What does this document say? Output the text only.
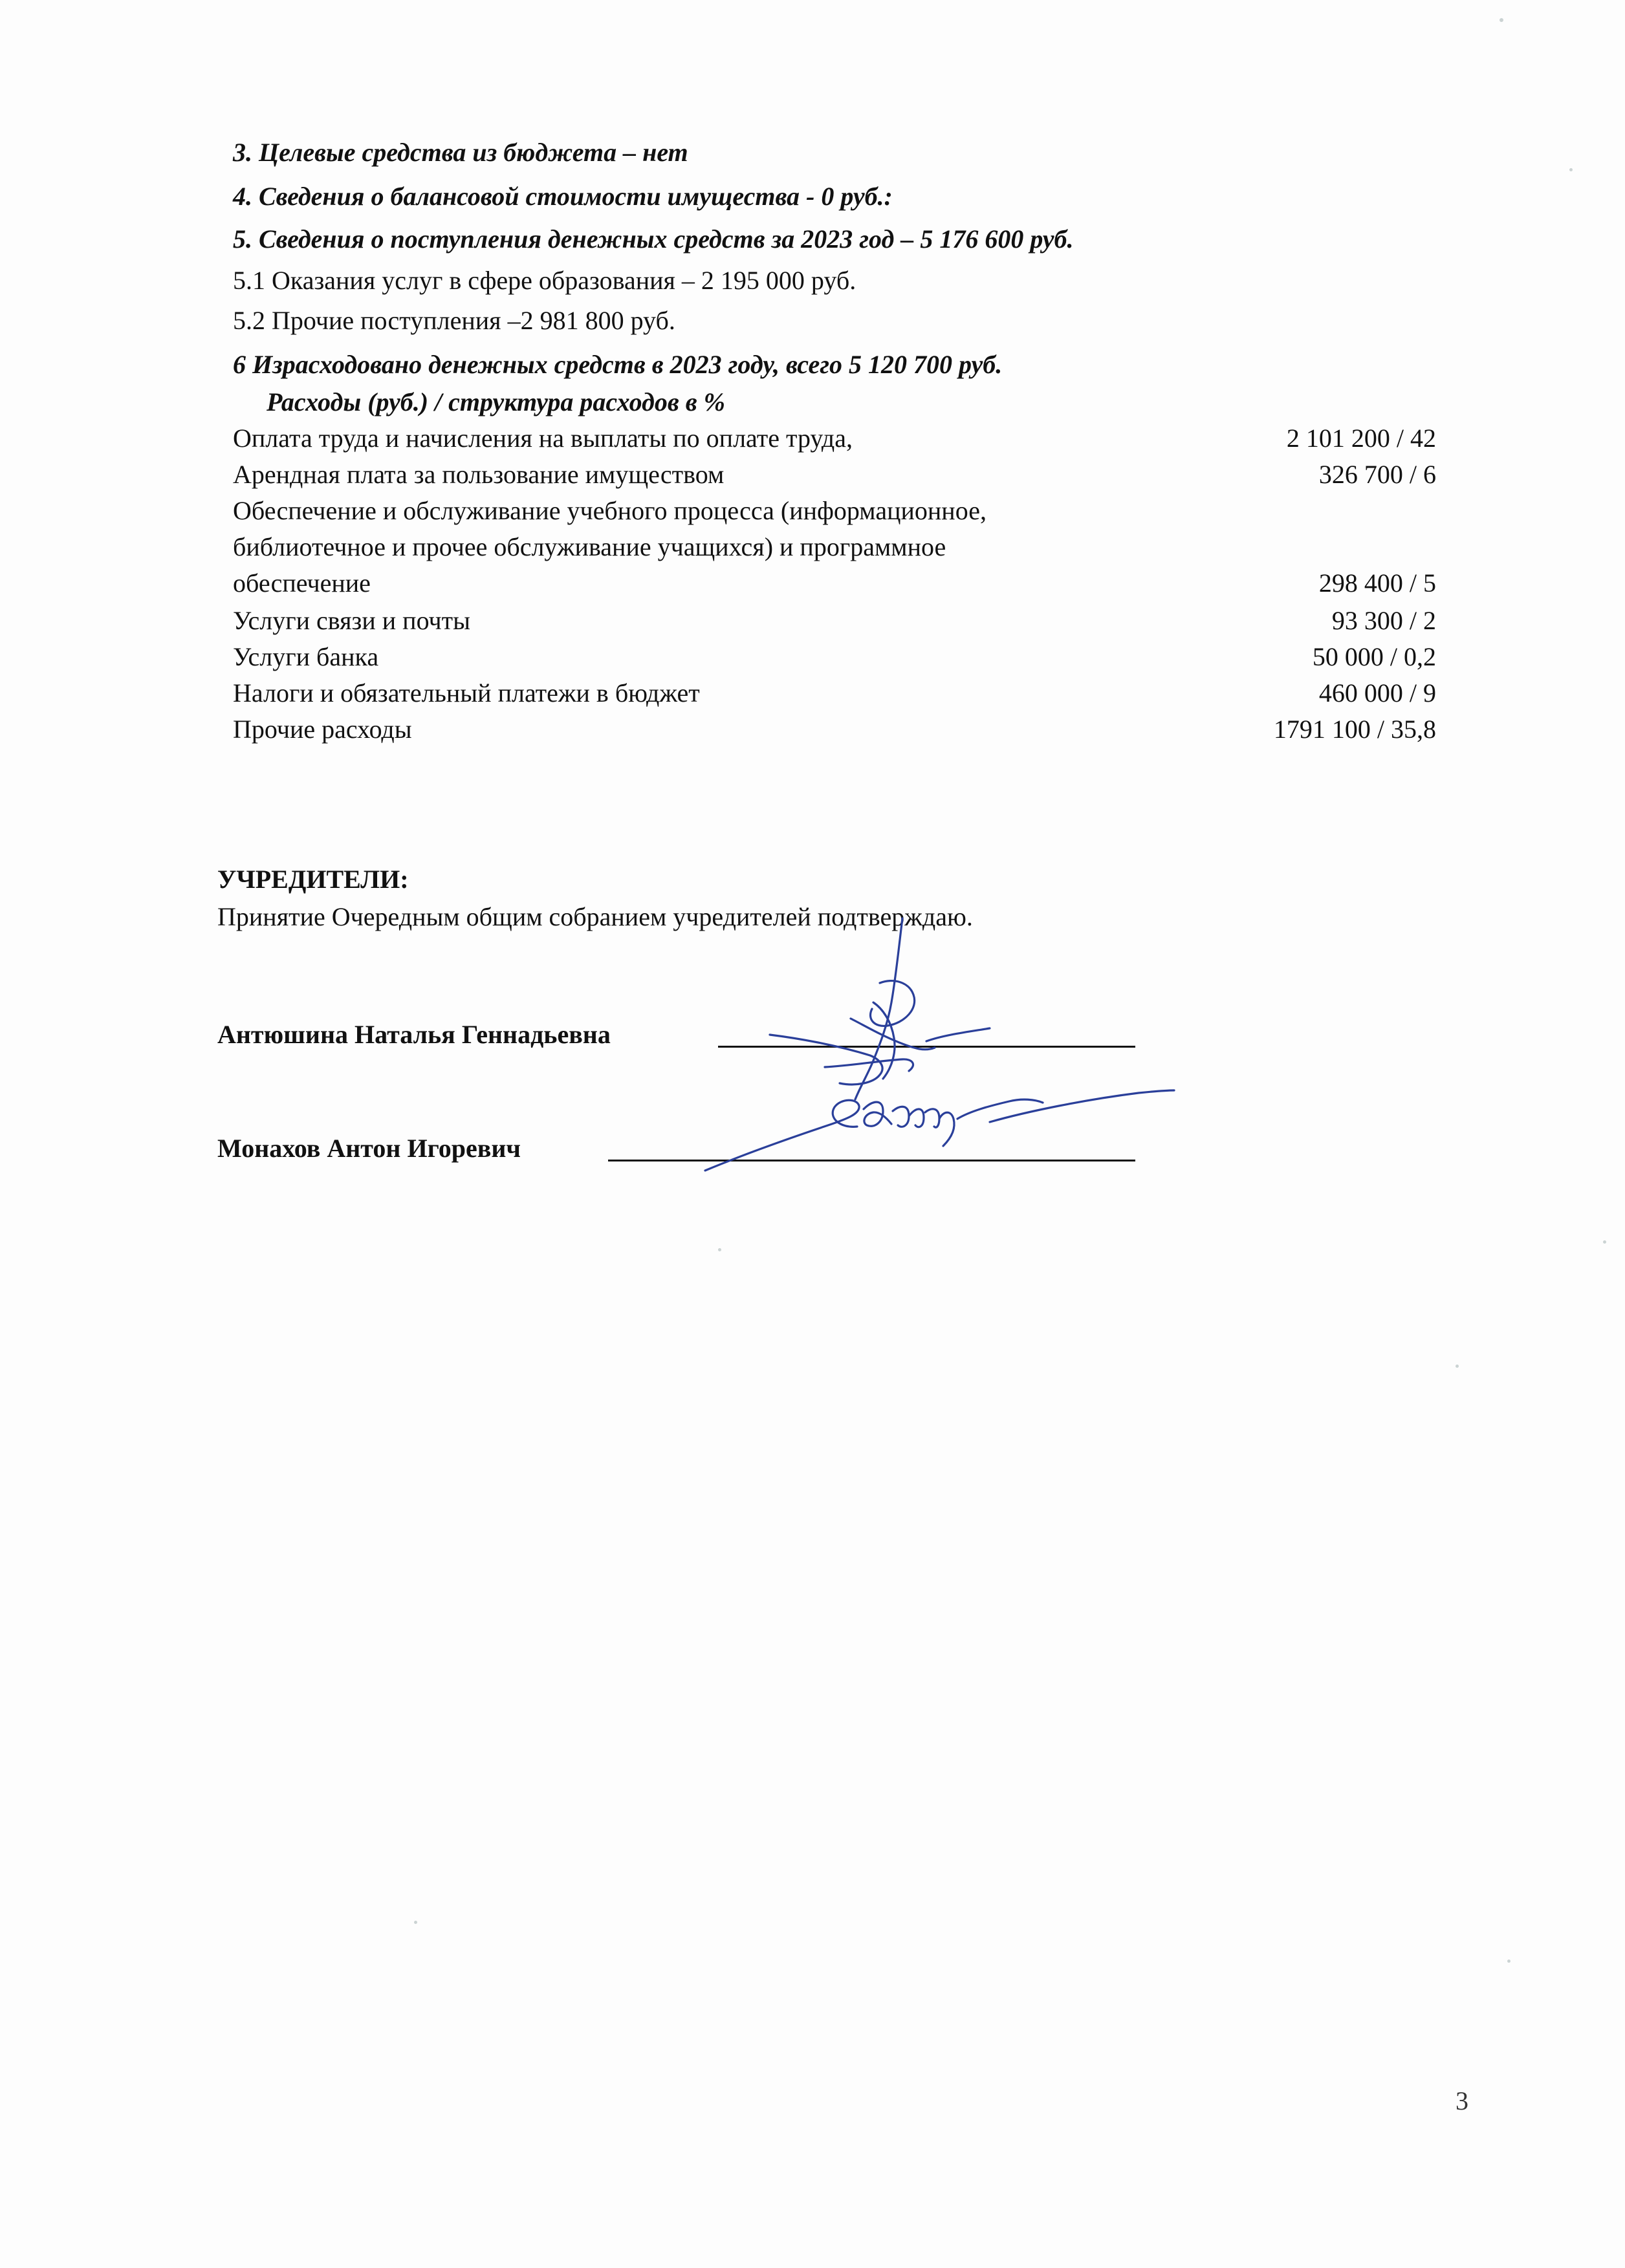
3. Целевые средства из бюджета – нет
4. Сведения о балансовой стоимости имущества - 0 руб.:
5. Сведения о поступления денежных средств за 2023 год – 5 176 600 руб.
5.1 Оказания услуг в сфере образования – 2 195 000 руб.
5.2 Прочие поступления –2 981 800 руб.
6 Израсходовано денежных средств в 2023 году, всего 5 120 700 руб.
Расходы (руб.) / структура расходов в %
Оплата труда и начисления на выплаты по оплате труда,	2 101 200 / 42
Арендная плата за пользование имуществом	326 700 / 6
Обеспечение и обслуживание учебного процесса (информационное,
библиотечное и прочее обслуживание учащихся) и программное
обеспечение	298 400 / 5
Услуги связи и почты	93 300 / 2
Услуги банка	50 000 / 0,2
Налоги и обязательный платежи в бюджет	460 000 / 9
Прочие расходы	1791 100 / 35,8
УЧРЕДИТЕЛИ:
Принятие Очередным общим собранием учредителей подтверждаю.
Антюшина Наталья Геннадьевна
Монахов Антон Игоревич
3
